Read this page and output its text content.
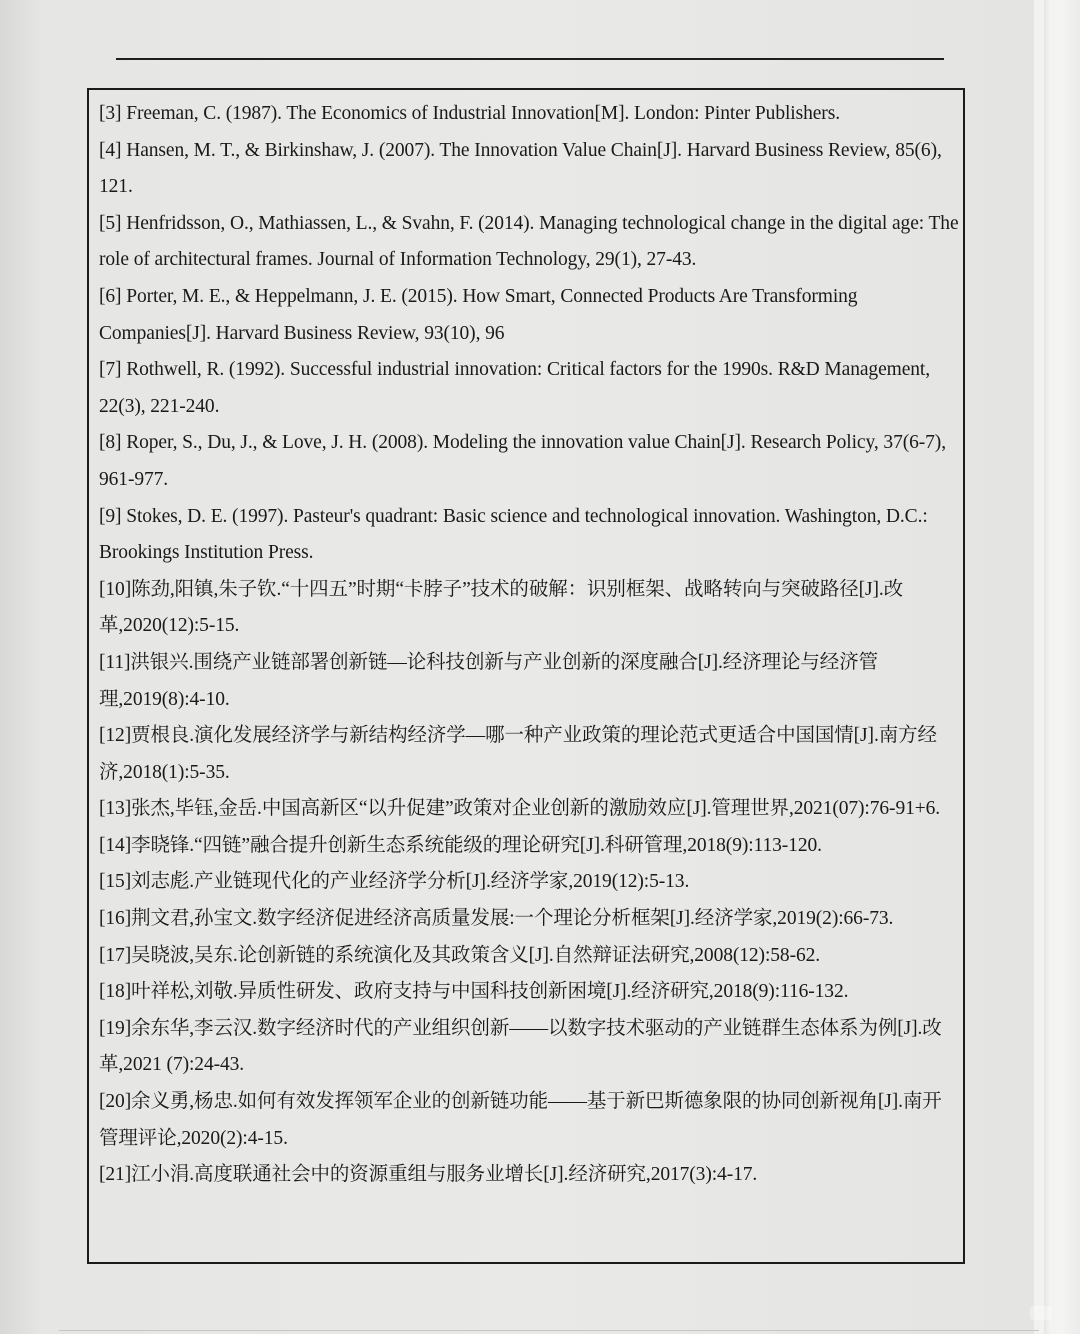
[3] Freeman, C. (1987). The Economics of Industrial Innovation[M]. London: Pinter Publishers.
[4] Hansen, M. T., & Birkinshaw, J. (2007). The Innovation Value Chain[J]. Harvard Business Review, 85(6), 121.
[5] Henfridsson, O., Mathiassen, L., & Svahn, F. (2014). Managing technological change in the digital age: The role of architectural frames. Journal of Information Technology, 29(1), 27-43.
[6] Porter, M. E., & Heppelmann, J. E. (2015). How Smart, Connected Products Are Transforming Companies[J]. Harvard Business Review, 93(10), 96
[7] Rothwell, R. (1992). Successful industrial innovation: Critical factors for the 1990s. R&D Management, 22(3), 221-240.
[8] Roper, S., Du, J., & Love, J. H. (2008). Modeling the innovation value Chain[J]. Research Policy, 37(6-7), 961-977.
[9] Stokes, D. E. (1997). Pasteur's quadrant: Basic science and technological innovation. Washington, D.C.: Brookings Institution Press.
[10]陈劲,阳镇,朱子钦.“十四五”时期“卡脖子”技术的破解：识别框架、战略转向与突破路径[J].改革,2020(12):5-15.
[11]洪银兴.围绕产业链部署创新链—论科技创新与产业创新的深度融合[J].经济理论与经济管理,2019(8):4-10.
[12]贾根良.演化发展经济学与新结构经济学—哪一种产业政策的理论范式更适合中国国情[J].南方经济,2018(1):5-35.
[13]张杰,毕钰,金岳.中国高新区“以升促建”政策对企业创新的激励效应[J].管理世界,2021(07):76-91+6.
[14]李晓锋.“四链”融合提升创新生态系统能级的理论研究[J].科研管理,2018(9):113-120.
[15]刘志彪.产业链现代化的产业经济学分析[J].经济学家,2019(12):5-13.
[16]荆文君,孙宝文.数字经济促进经济高质量发展:一个理论分析框架[J].经济学家,2019(2):66-73.
[17]吴晓波,吴东.论创新链的系统演化及其政策含义[J].自然辩证法研究,2008(12):58-62.
[18]叶祥松,刘敬.异质性研发、政府支持与中国科技创新困境[J].经济研究,2018(9):116-132.
[19]余东华,李云汉.数字经济时代的产业组织创新——以数字技术驱动的产业链群生态体系为例[J].改革,2021 (7):24-43.
[20]余义勇,杨忠.如何有效发挥领军企业的创新链功能——基于新巴斯德象限的协同创新视角[J].南开管理评论,2020(2):4-15.
[21]江小涓.高度联通社会中的资源重组与服务业增长[J].经济研究,2017(3):4-17.
